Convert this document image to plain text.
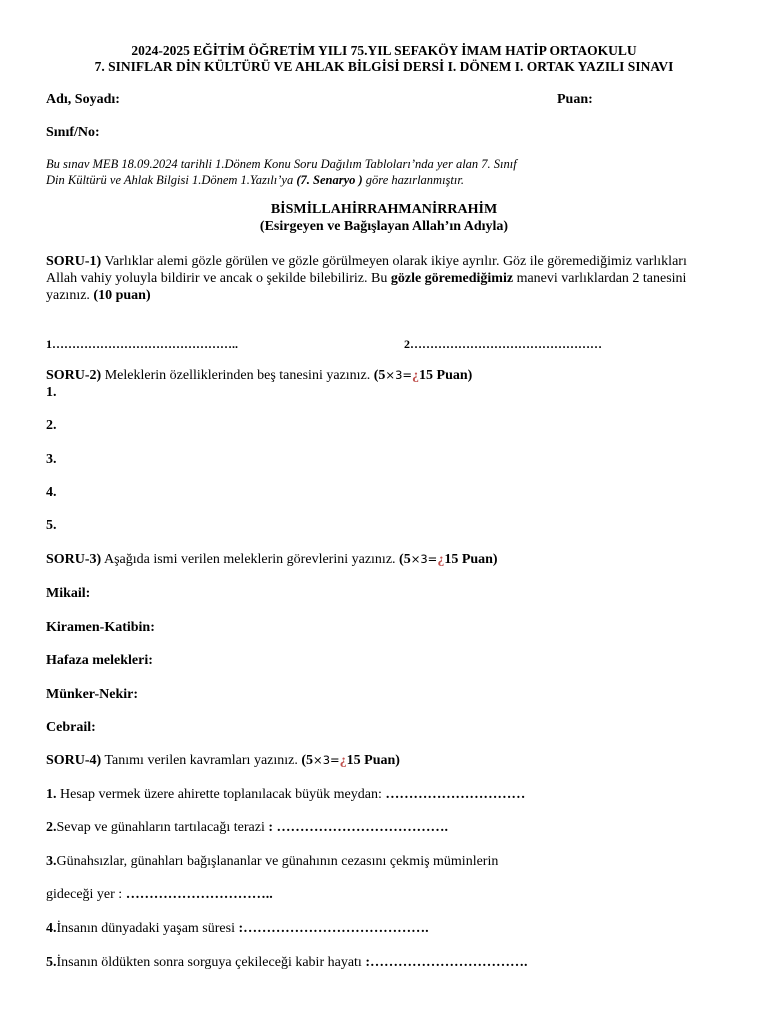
2024-2025 EĞİTİM ÖĞRETİM YILI 75.YIL SEFAKÖY İMAM HATİP ORTAOKULU
7. SINIFLAR DİN KÜLTÜRÜ VE AHLAK BİLGİSİ DERSİ I. DÖNEM I. ORTAK YAZILI SINAVI
Adı, Soyadı:	Puan:
Sınıf/No:
Bu sınav MEB 18.09.2024 tarihli 1.Dönem Konu Soru Dağılım Tabloları’nda yer alan 7. Sınıf
Din Kültürü ve Ahlak Bilgisi 1.Dönem 1.Yazılı’ya (7. Senaryo ) göre hazırlanmıştır.
BİSMİLLAHİRRAHMANİRRAHİM
(Esirgeyen ve Bağışlayan Allah’ın Adıyla)
SORU-1) Varlıklar alemi gözle görülen ve gözle görülmeyen olarak ikiye ayrılır. Göz ile göremediğimiz varlıkları Allah vahiy yoluyla bildirir ve ancak o şekilde bilebiliriz. Bu gözle göremediğimiz manevi varlıklardan 2 tanesini yazınız. (10 puan)
1………………………………………..	2…………………………………………
SORU-2) Meleklerin özelliklerinden beş tanesini yazınız. (5×3=¿15 Puan)
1.
2.
3.
4.
5.
SORU-3) Aşağıda ismi verilen meleklerin görevlerini yazınız. (5×3=¿15 Puan)
Mikail:
Kiramen-Katibin:
Hafaza melekleri:
Münker-Nekir:
Cebrail:
SORU-4) Tanımı verilen kavramları yazınız. (5×3=¿15 Puan)
1. Hesap vermek üzere ahirette toplanılacak büyük meydan: …………………………
2.Sevap ve günahların tartılacağı terazi : ……………………………….
3.Günahsızlar, günahları bağışlananlar ve günahının cezasını çekmiş müminlerin
gideceği yer : …………………………..
4.İnsanın dünyadaki yaşam süresi :………………………………….
5.İnsanın öldükten sonra sorguya çekileceği kabir hayatı :…………………………….
